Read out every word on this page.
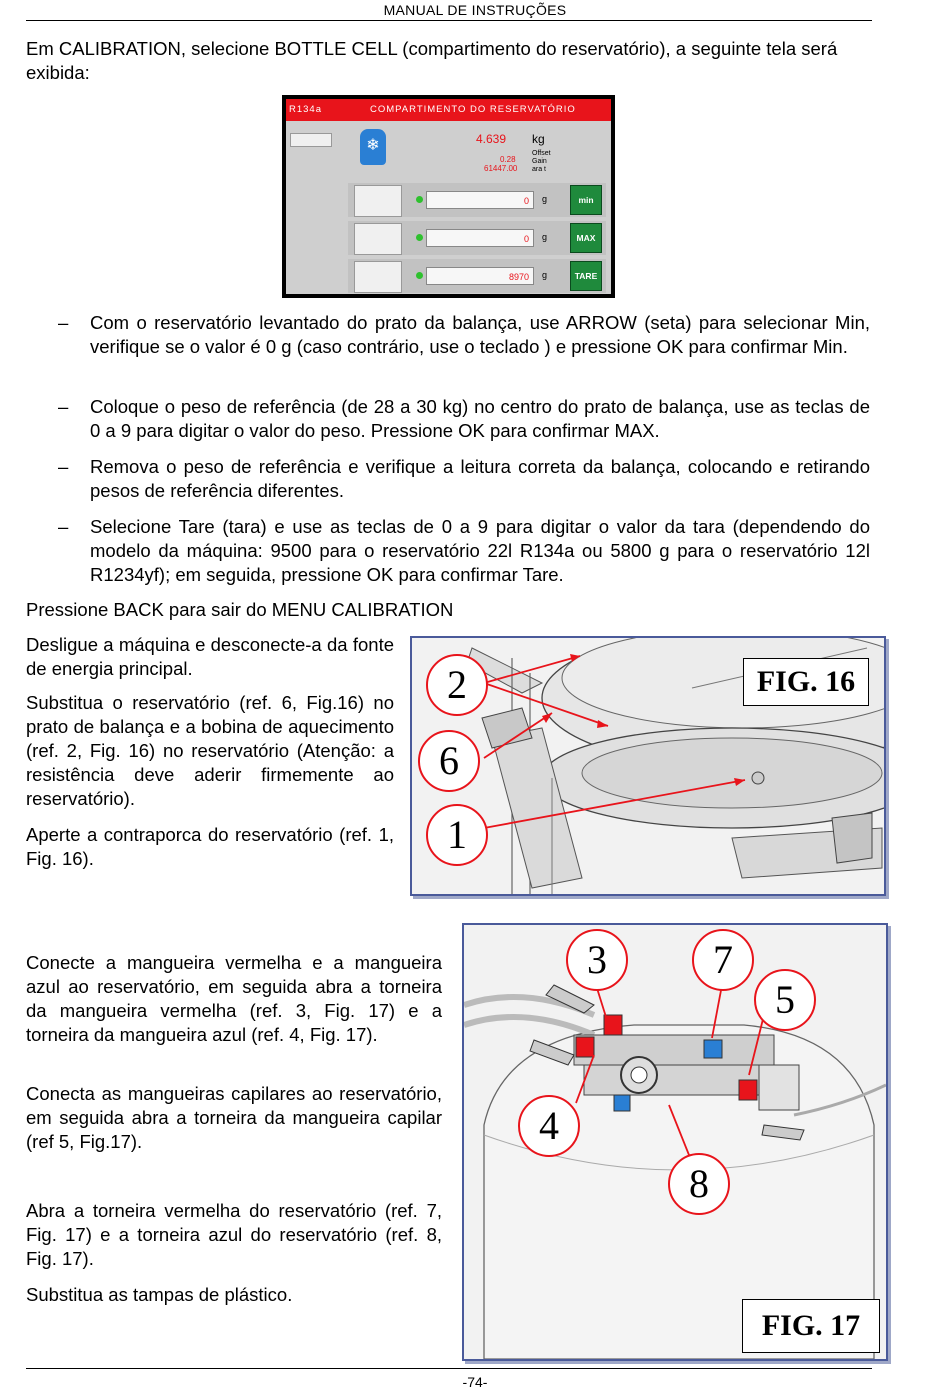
MANUAL DE INSTRUÇÕES
Em CALIBRATION, selecione BOTTLE CELL (compartimento do reservatório), a seguinte tela será exibida:
R134a	COMPARTIMENTO DO RESERVATÓRIO
❄	4.639 kg
0.28
61447.00
Offset
Gain
ara t
0	g	min
0	g	MAX
8970	g	TARE
– Com o reservatório levantado do prato da balança, use ARROW (seta) para selecionar Min, verifique se o valor é 0 g (caso contrário, use o teclado ) e pressione OK para confirmar Min.
– Coloque o peso de referência (de 28 a 30 kg) no centro do prato de balança, use as teclas de 0 a 9 para digitar o valor do peso. Pressione OK para confirmar MAX.
– Remova o peso de referência e verifique a leitura correta da balança, colocando e retirando pesos de referência diferentes.
– Selecione Tare (tara) e use as teclas de 0 a 9 para digitar o valor da tara (dependendo do modelo da máquina: 9500 para o reservatório 22l R134a ou 5800 g para o reservatório 12l R1234yf); em seguida, pressione OK para confirmar Tare.
Pressione BACK para sair do MENU CALIBRATION
Desligue a máquina e desconecte-a da fonte de energia principal.
Substitua o reservatório (ref. 6, Fig.16) no prato de balança e a bobina de aquecimento (ref. 2, Fig. 16) no reservatório (Atenção: a resistência deve aderir firmemente ao reservatório).
Aperte a contraporca do reservatório (ref. 1, Fig. 16).
2
6
1
FIG. 16
Conecte a mangueira vermelha e a mangueira azul ao reservatório, em seguida abra a torneira da mangueira vermelha (ref. 3, Fig. 17) e a torneira da mangueira azul (ref. 4, Fig. 17).
Conecta as mangueiras capilares ao reservatório, em seguida abra a torneira da mangueira capilar (ref 5, Fig.17).
Abra a torneira vermelha do reservatório (ref. 7, Fig. 17) e a torneira azul do reservatório (ref. 8, Fig. 17).
Substitua as tampas de plástico.
3	7
5
4
8
FIG. 17
-74-
